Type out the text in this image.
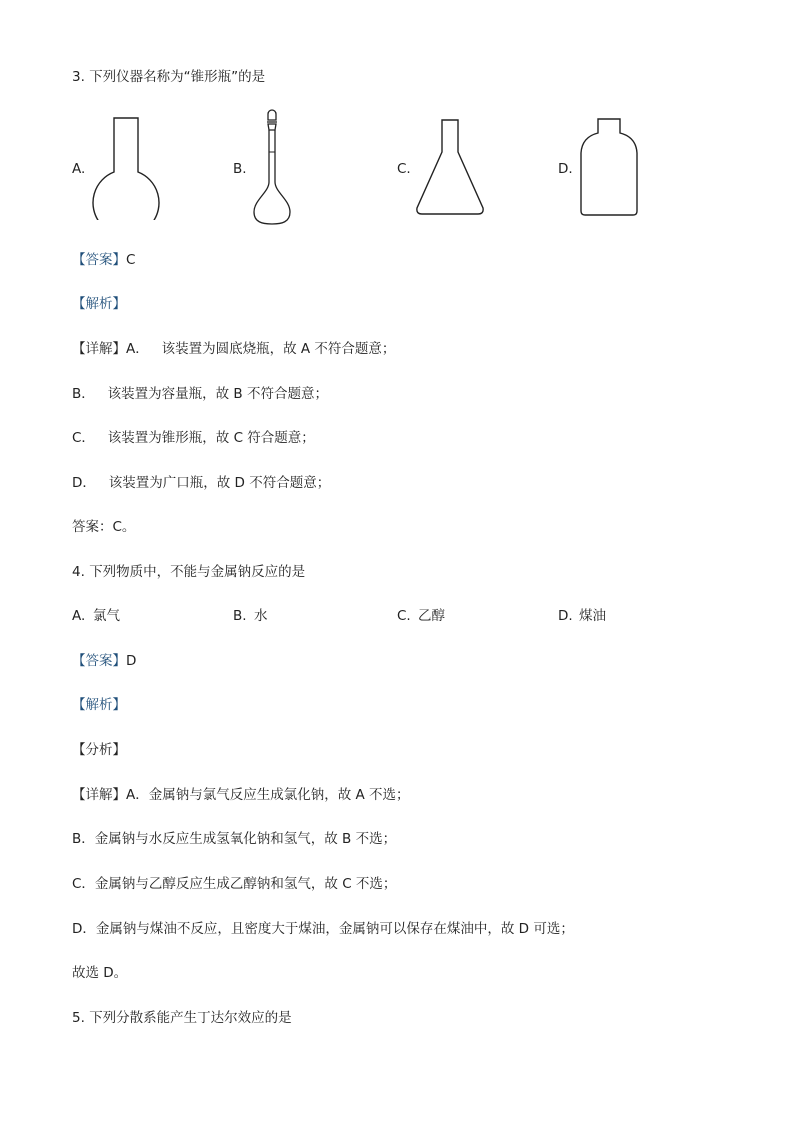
3. 下列仪器名称为“锥形瓶”的是
A.	B.	C.	D.
【答案】C
【解析】
【详解】A．   该装置为圆底烧瓶，故 A 不符合题意；
B．   该装置为容量瓶，故 B 不符合题意；
C．   该装置为锥形瓶，故 C 符合题意；
D．   该装置为广口瓶，故 D 不符合题意；
答案：C。
4. 下列物质中，不能与金属钠反应的是
A. 氯气	B. 水	C. 乙醇	D. 煤油
【答案】D
【解析】
【分析】
【详解】A．金属钠与氯气反应生成氯化钠，故 A 不选；
B．金属钠与水反应生成氢氧化钠和氢气，故 B 不选；
C．金属钠与乙醇反应生成乙醇钠和氢气，故 C 不选；
D．金属钠与煤油不反应，且密度大于煤油，金属钠可以保存在煤油中，故 D 可选；
故选 D。
5. 下列分散系能产生丁达尔效应的是
